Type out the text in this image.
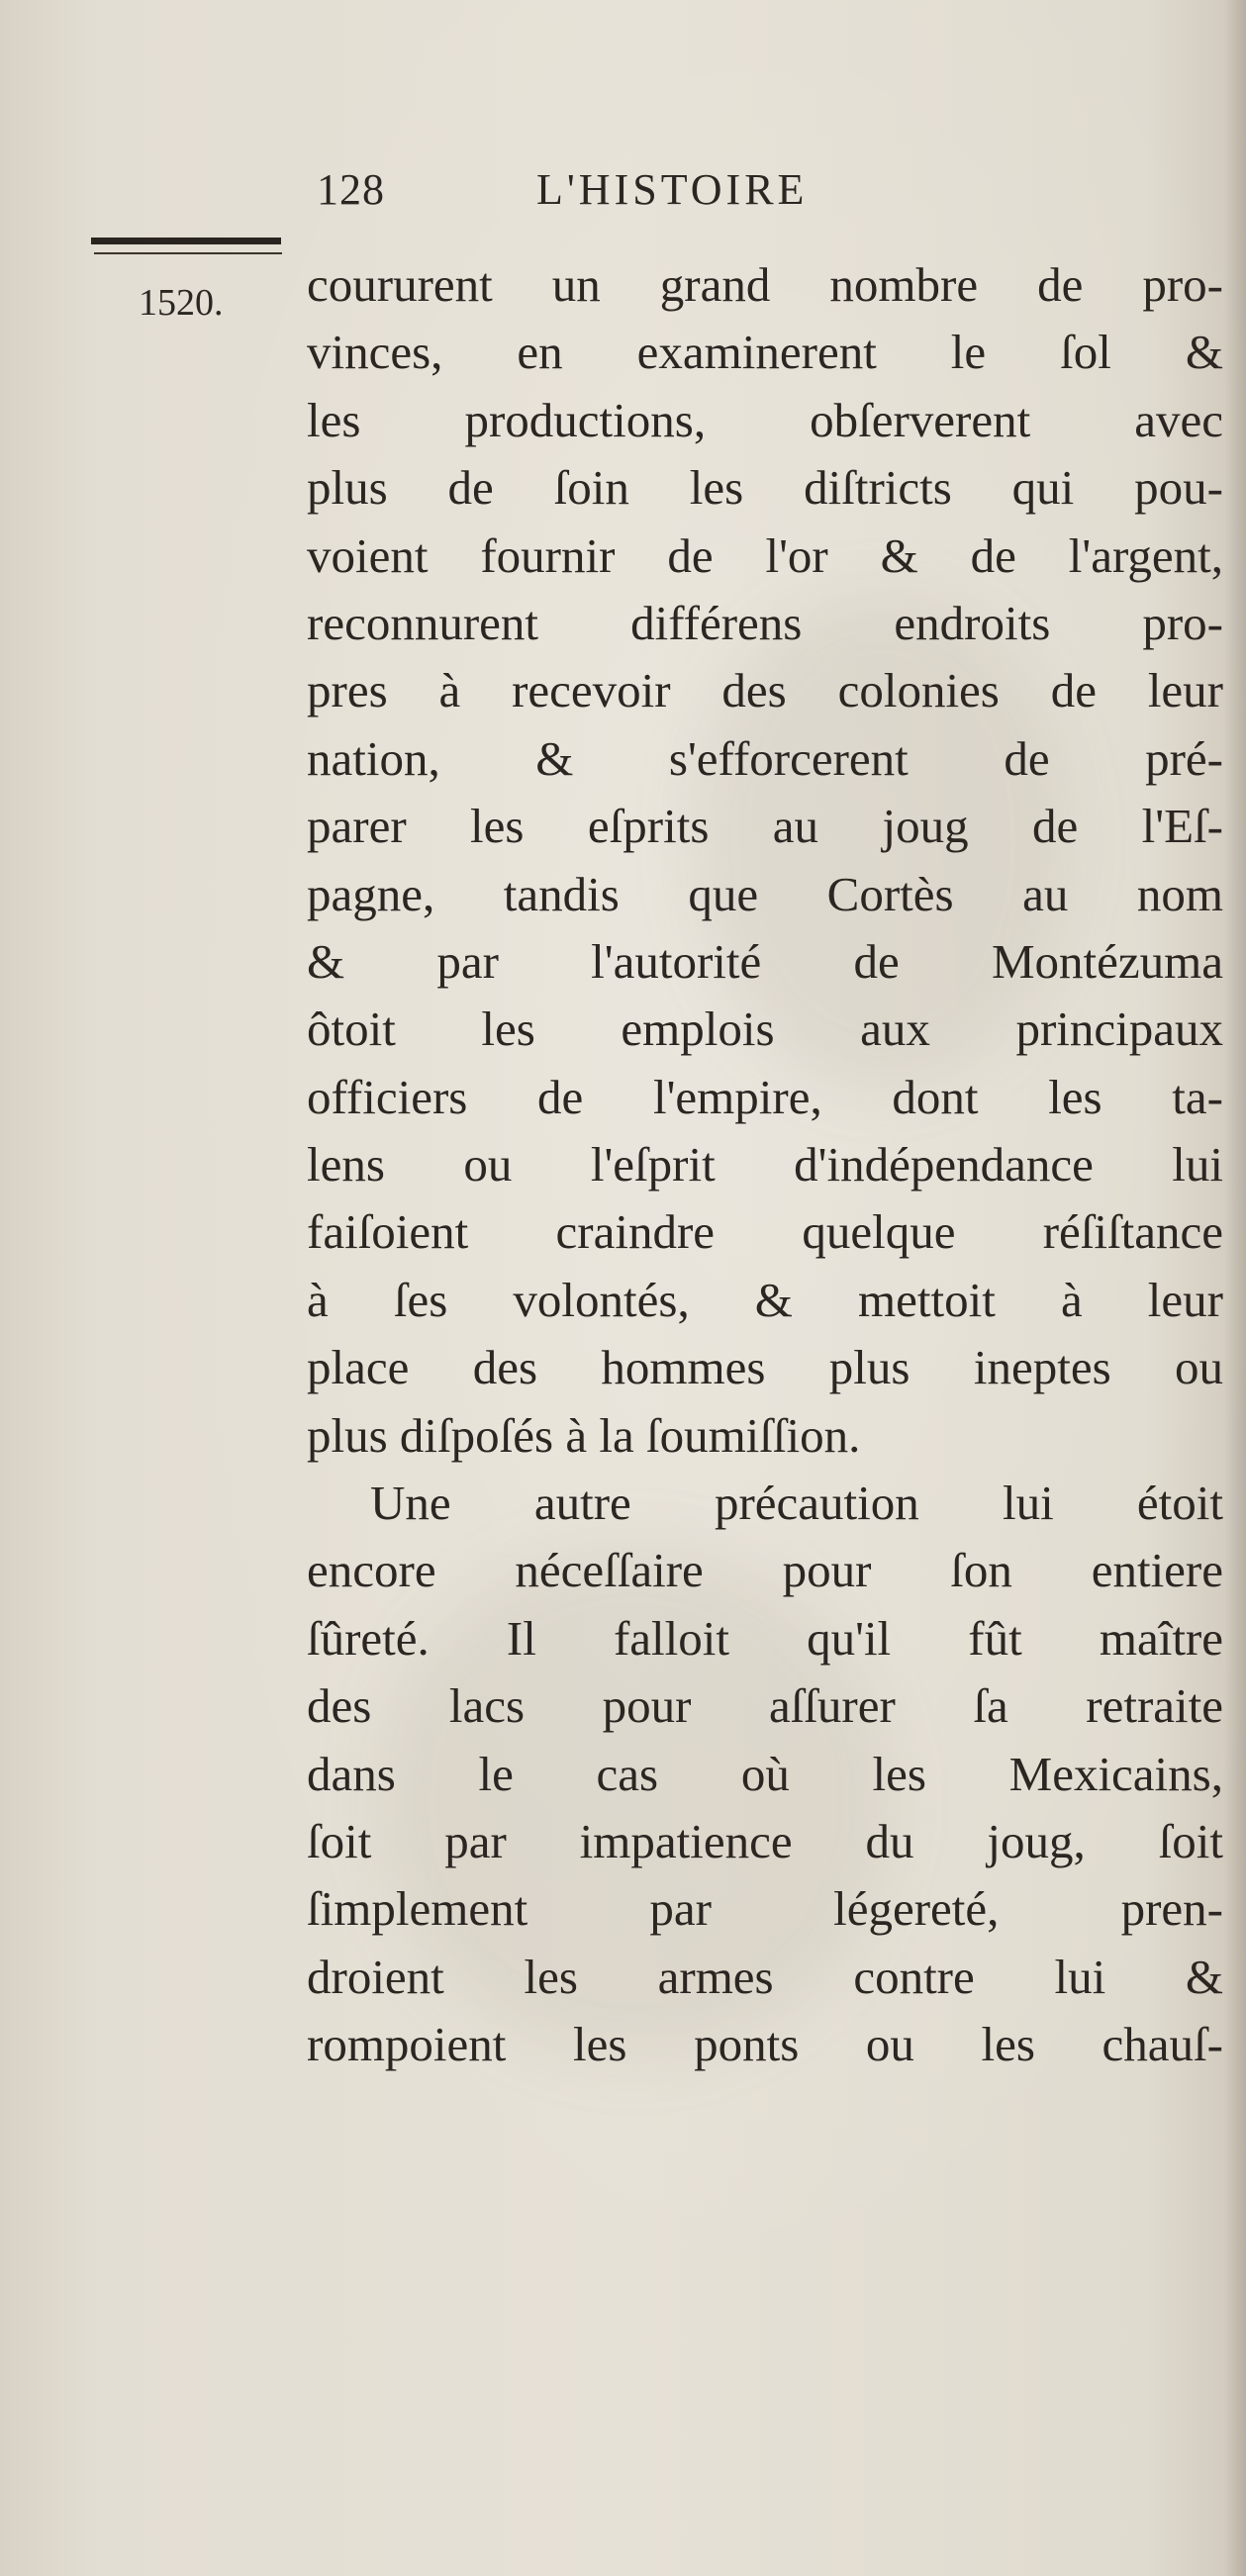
128	L'HISTOIRE
1520. coururent un grand nombre de pro-
vinces, en examinerent le ſol &
les productions, obſerverent avec
plus de ſoin les diſtricts qui pou-
voient fournir de l'or & de l'argent,
reconnurent différens endroits pro-
pres à recevoir des colonies de leur
nation, & s'efforcerent de pré-
parer les eſprits au joug de l'Eſ-
pagne, tandis que Cortès au nom
& par l'autorité de Montézuma
ôtoit les emplois aux principaux
officiers de l'empire, dont les ta-
lens ou l'eſprit d'indépendance lui
faiſoient craindre quelque réſiſtance
à ſes volontés, & mettoit à leur
place des hommes plus ineptes ou
plus diſpoſés à la ſoumiſſion.
Une autre précaution lui étoit
encore néceſſaire pour ſon entiere
ſûreté. Il falloit qu'il fût maître
des lacs pour aſſurer ſa retraite
dans le cas où les Mexicains,
ſoit par impatience du joug, ſoit
ſimplement par légereté, pren-
droient les armes contre lui &
rompoient les ponts ou les chauſ-
